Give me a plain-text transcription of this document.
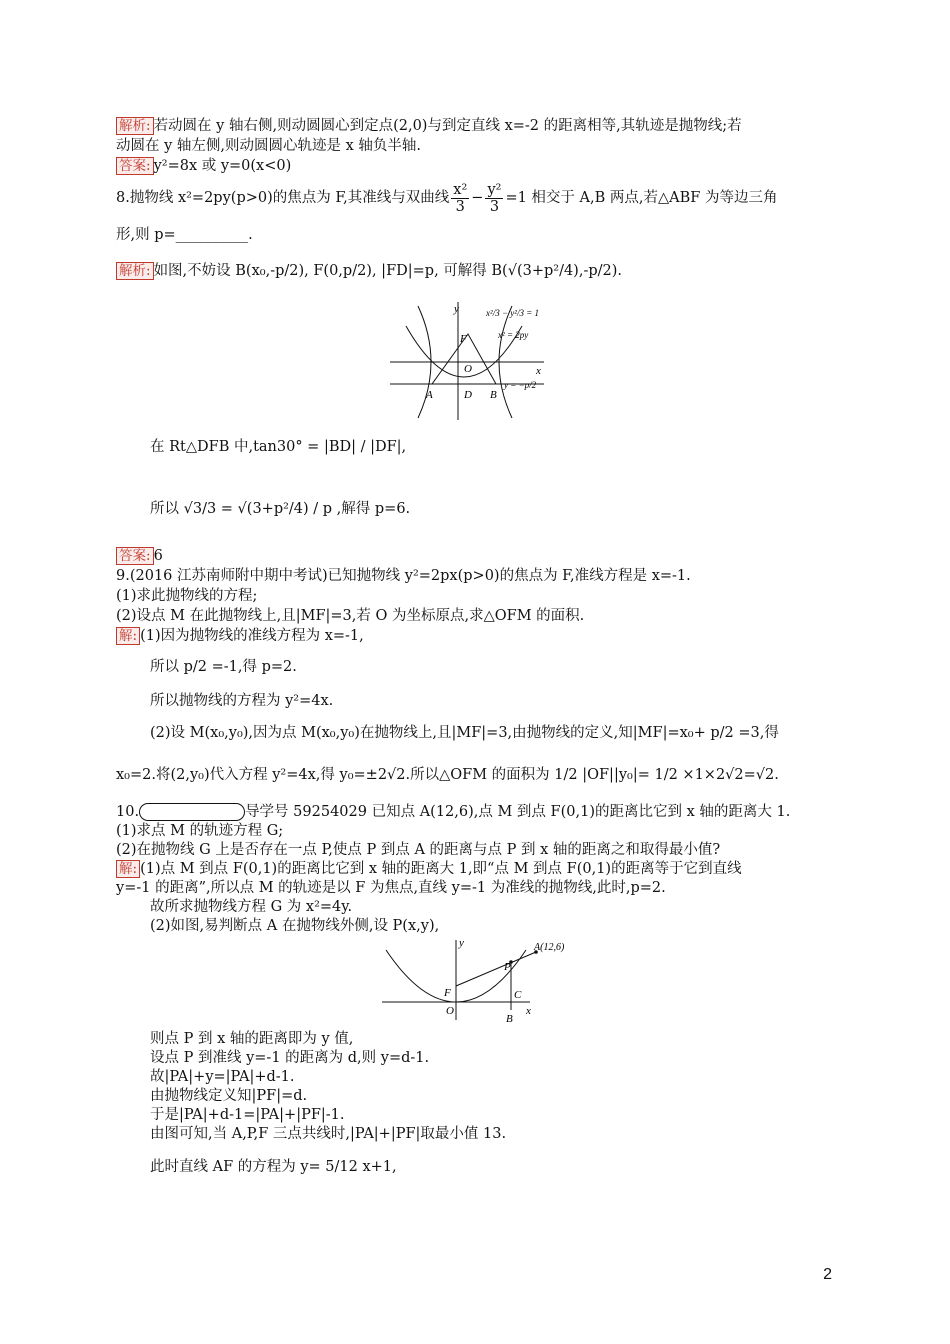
解析: 若动圆在 y 轴右侧,则动圆圆心到定点(2,0)与到定直线 x=-2 的距离相等,其轨迹是抛物线;若
动圆在 y 轴左侧,则动圆圆心轨迹是 x 轴负半轴.
答案: y²=8x 或 y=0(x<0)
8.抛物线 x²=2py(p>0)的焦点为 F,其准线与双曲线 $\frac{\text{x²}}{3} - \frac{\text{y²}}{3} =1$ 相交于 A,B 两点,若△ABF 为等边三角
形,则 p=__________.
解析: 如图,不妨设 B(x₀,-p/2), F(0,p/2), |FD|=p, 可解得 B(√(3+p²/4),-p/2).
y
x
F
O
A	D B
x²/3 − y²/3 = 1
x² = 2py
y = −p/2
在 Rt△DFB 中,tan30° = |BD| / |DF|,
所以 √3/3 = √(3+p²/4) / p ,解得 p=6.
答案: 6
9.(2016 江苏南师附中期中考试)已知抛物线 y²=2px(p>0)的焦点为 F,准线方程是 x=-1.
(1)求此抛物线的方程;
(2)设点 M 在此抛物线上,且|MF|=3,若 O 为坐标原点,求△OFM 的面积.
解: (1)因为抛物线的准线方程为 x=-1,
所以 p/2 =-1,得 p=2.
所以抛物线的方程为 y²=4x.
(2)设 M(x₀,y₀),因为点 M(x₀,y₀)在抛物线上,且|MF|=3,由抛物线的定义,知|MF|=x₀+ p/2 =3,得
x₀=2.将(2,y₀)代入方程 y²=4x,得 y₀=±2√2.所以△OFM 的面积为 1/2 |OF||y₀|= 1/2 ×1×2√2=√2.
10.	导学号 59254029 已知点 A(12,6),点 M 到点 F(0,1)的距离比它到 x 轴的距离大 1.
(1)求点 M 的轨迹方程 G;
(2)在抛物线 G 上是否存在一点 P,使点 P 到点 A 的距离与点 P 到 x 轴的距离之和取得最小值?
解: (1)点 M 到点 F(0,1)的距离比它到 x 轴的距离大 1,即“点 M 到点 F(0,1)的距离等于它到直线
y=-1 的距离”,所以点 M 的轨迹是以 F 为焦点,直线 y=-1 为准线的抛物线,此时,p=2.
故所求抛物线方程 G 为 x²=4y.
(2)如图,易判断点 A 在抛物线外侧,设 P(x,y),
y
x
F
O
P
C
B
A(12,6)
则点 P 到 x 轴的距离即为 y 值,
设点 P 到准线 y=-1 的距离为 d,则 y=d-1.
故|PA|+y=|PA|+d-1.
由抛物线定义知|PF|=d.
于是|PA|+d-1=|PA|+|PF|-1.
由图可知,当 A,P,F 三点共线时,|PA|+|PF|取最小值 13.
此时直线 AF 的方程为 y= 5/12 x+1,
2
